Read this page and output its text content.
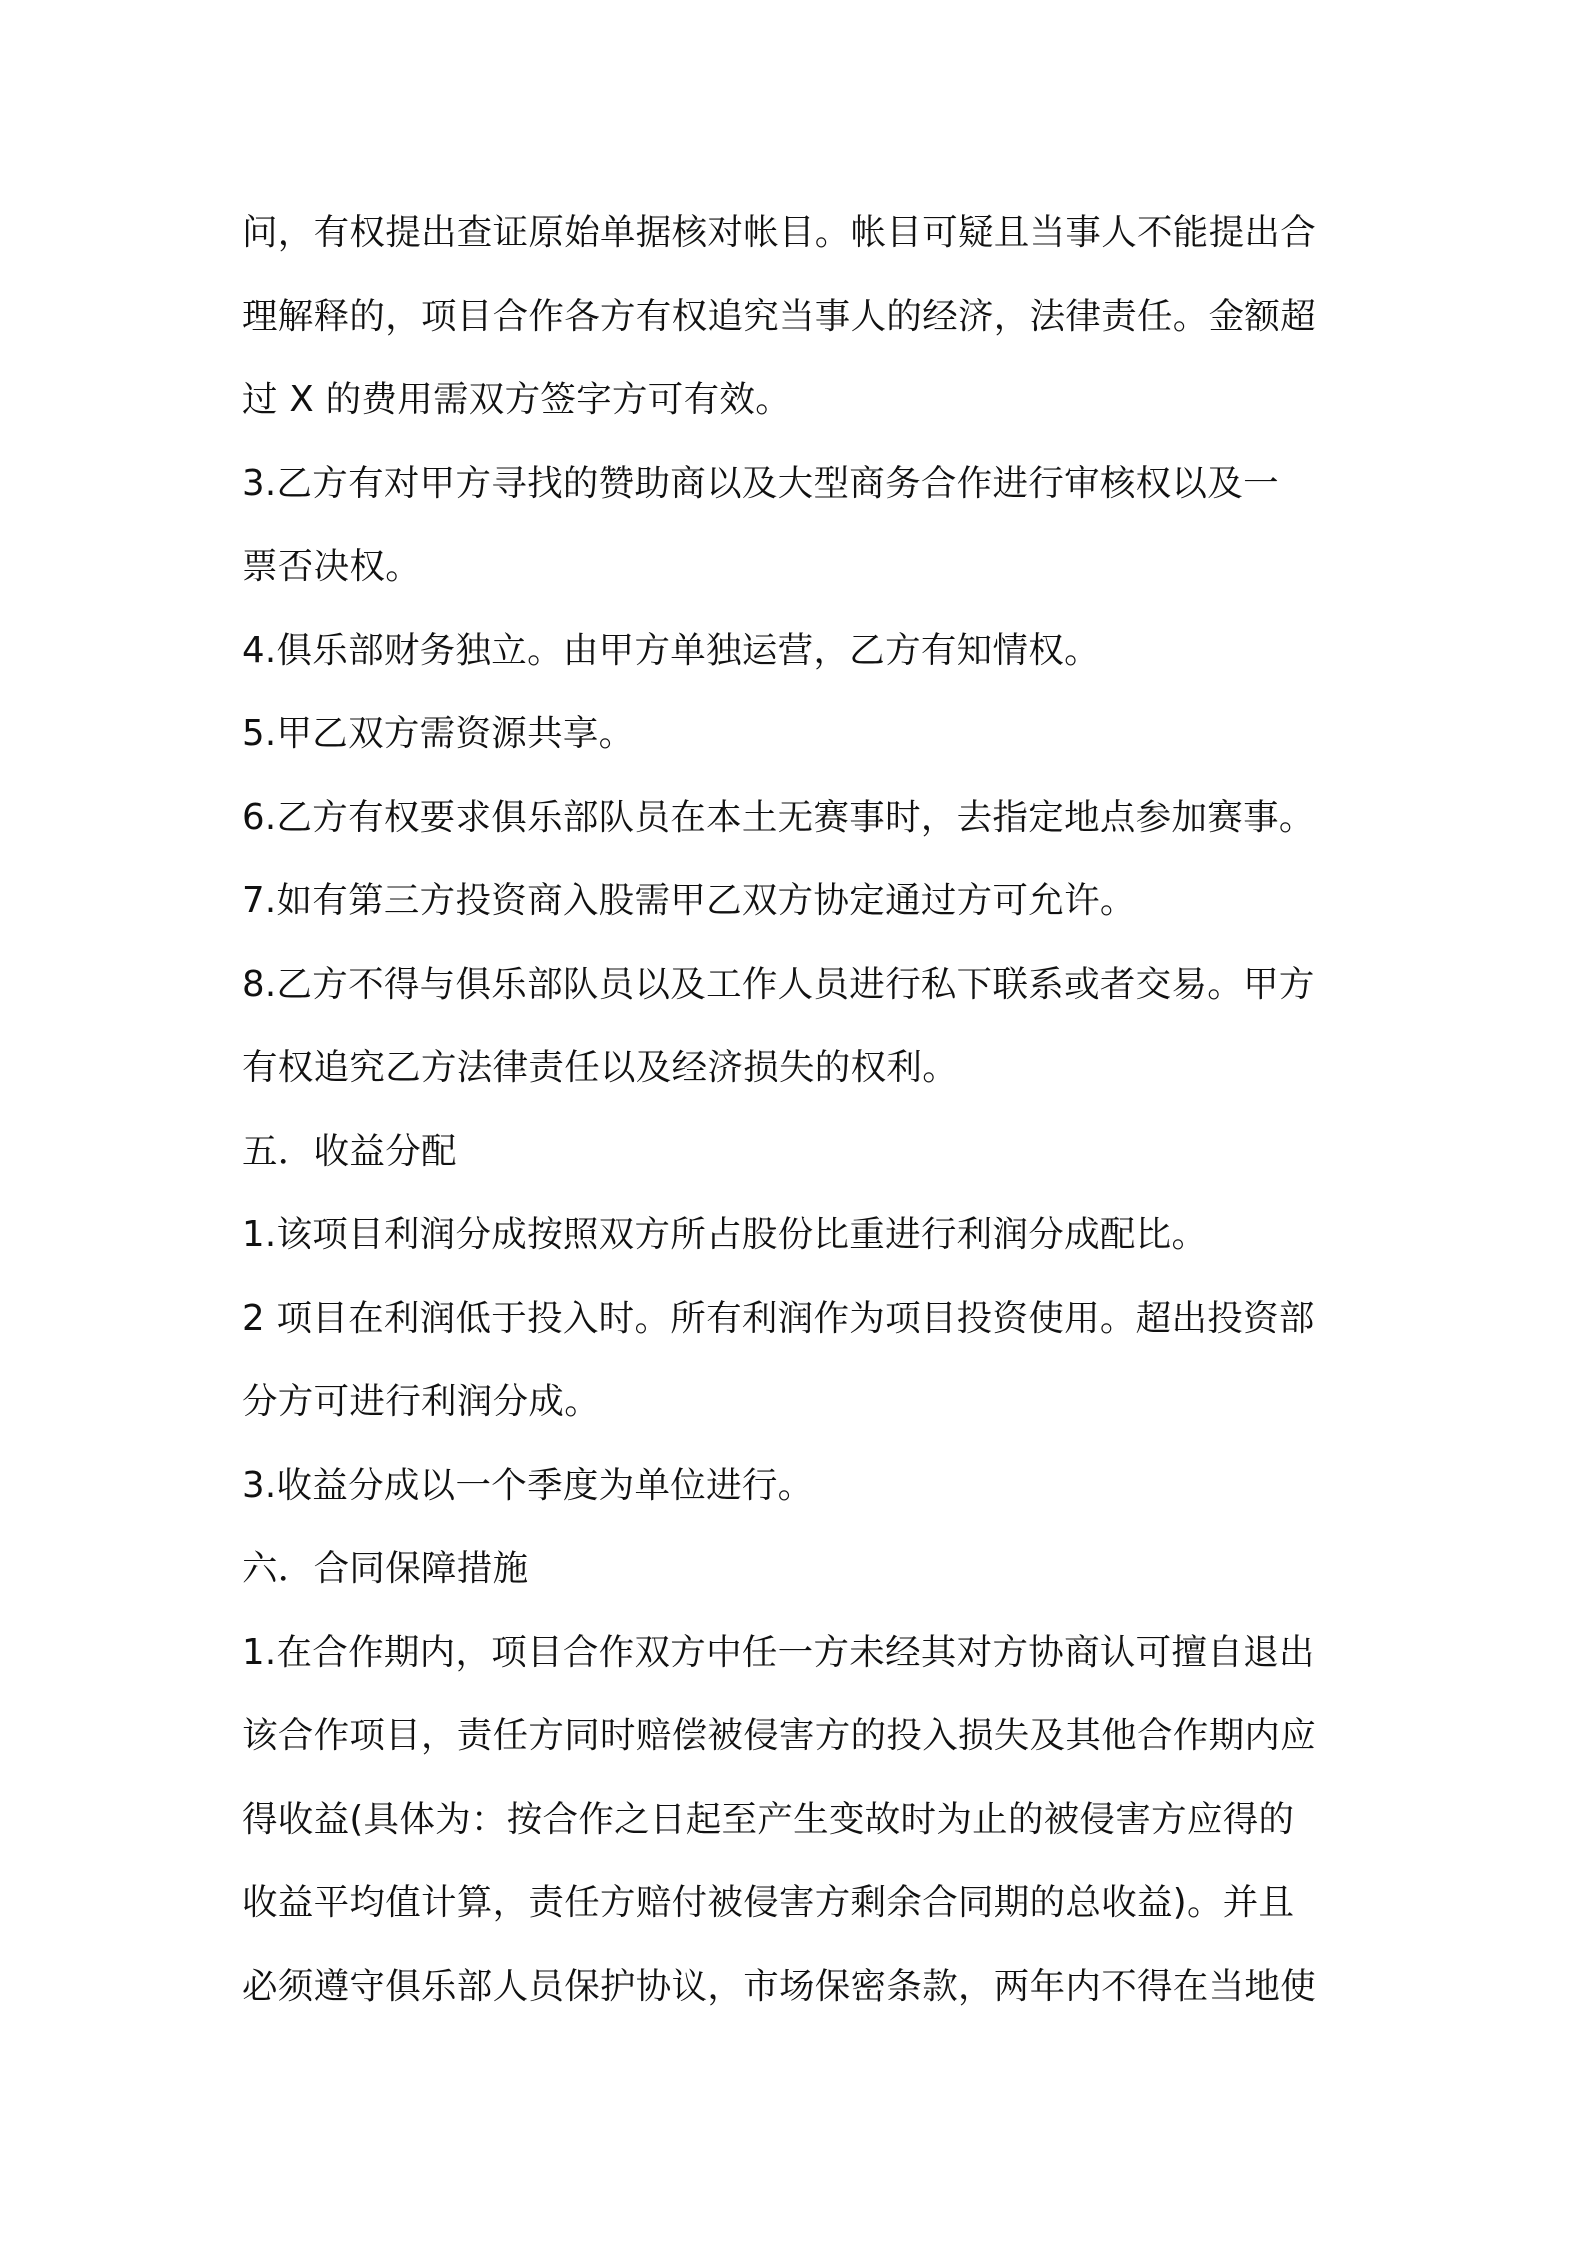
问，有权提出查证原始单据核对帐目。帐目可疑且当事人不能提出合
理解释的，项目合作各方有权追究当事人的经济，法律责任。金额超
过 X 的费用需双方签字方可有效。
3.乙方有对甲方寻找的赞助商以及大型商务合作进行审核权以及一
票否决权。
4.俱乐部财务独立。由甲方单独运营，乙方有知情权。
5.甲乙双方需资源共享。
6.乙方有权要求俱乐部队员在本土无赛事时，去指定地点参加赛事。
7.如有第三方投资商入股需甲乙双方协定通过方可允许。
8.乙方不得与俱乐部队员以及工作人员进行私下联系或者交易。甲方
有权追究乙方法律责任以及经济损失的权利。
五．收益分配
1.该项目利润分成按照双方所占股份比重进行利润分成配比。
2 项目在利润低于投入时。所有利润作为项目投资使用。超出投资部
分方可进行利润分成。
3.收益分成以一个季度为单位进行。
六．合同保障措施
1.在合作期内，项目合作双方中任一方未经其对方协商认可擅自退出
该合作项目，责任方同时赔偿被侵害方的投入损失及其他合作期内应
得收益(具体为：按合作之日起至产生变故时为止的被侵害方应得的
收益平均值计算，责任方赔付被侵害方剩余合同期的总收益)。并且
必须遵守俱乐部人员保护协议，市场保密条款，两年内不得在当地使
